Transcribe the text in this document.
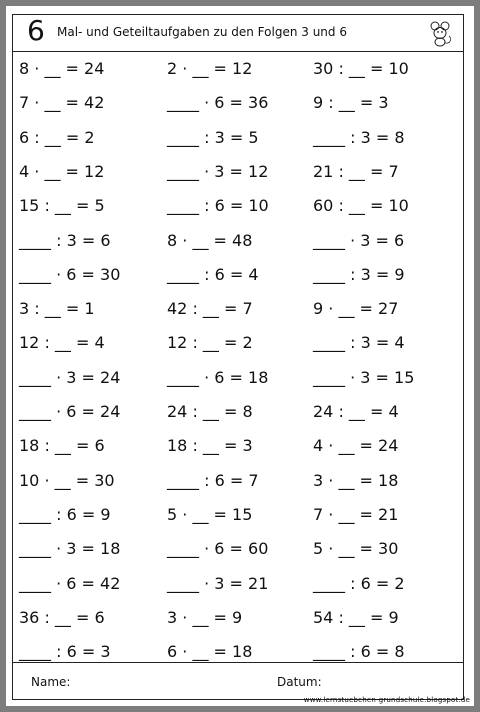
6 Mal- und Geteiltaufgaben zu den Folgen 3 und 6
8 · __ = 24	2 · __ = 12	30 : __ = 10
7 · __ = 42	____ · 6 = 36	9 : __ = 3
6 : __ = 2	____ : 3 = 5	____ : 3 = 8
4 · __ = 12	____ · 3 = 12	21 : __ = 7
15 : __ = 5	____ : 6 = 10	60 : __ = 10
____ : 3 = 6	8 · __ = 48	____ · 3 = 6
____ · 6 = 30	____ : 6 = 4	____ : 3 = 9
3 : __ = 1	42 : __ = 7	9 · __ = 27
12 : __ = 4	12 : __ = 2	____ : 3 = 4
____ · 3 = 24	____ · 6 = 18	____ · 3 = 15
____ · 6 = 24	24 : __ = 8	24 : __ = 4
18 : __ = 6	18 : __ = 3	4 · __ = 24
10 · __ = 30	____ : 6 = 7	3 · __ = 18
____ : 6 = 9	5 · __ = 15	7 · __ = 21
____ · 3 = 18	____ · 6 = 60	5 · __ = 30
____ · 6 = 42	____ · 3 = 21	____ : 6 = 2
36 : __ = 6	3 · __ = 9	54 : __ = 9
____ : 6 = 3	6 · __ = 18	____ : 6 = 8
Name:	Datum:
www.lernstuebchen-grundschule.blogspot.de
